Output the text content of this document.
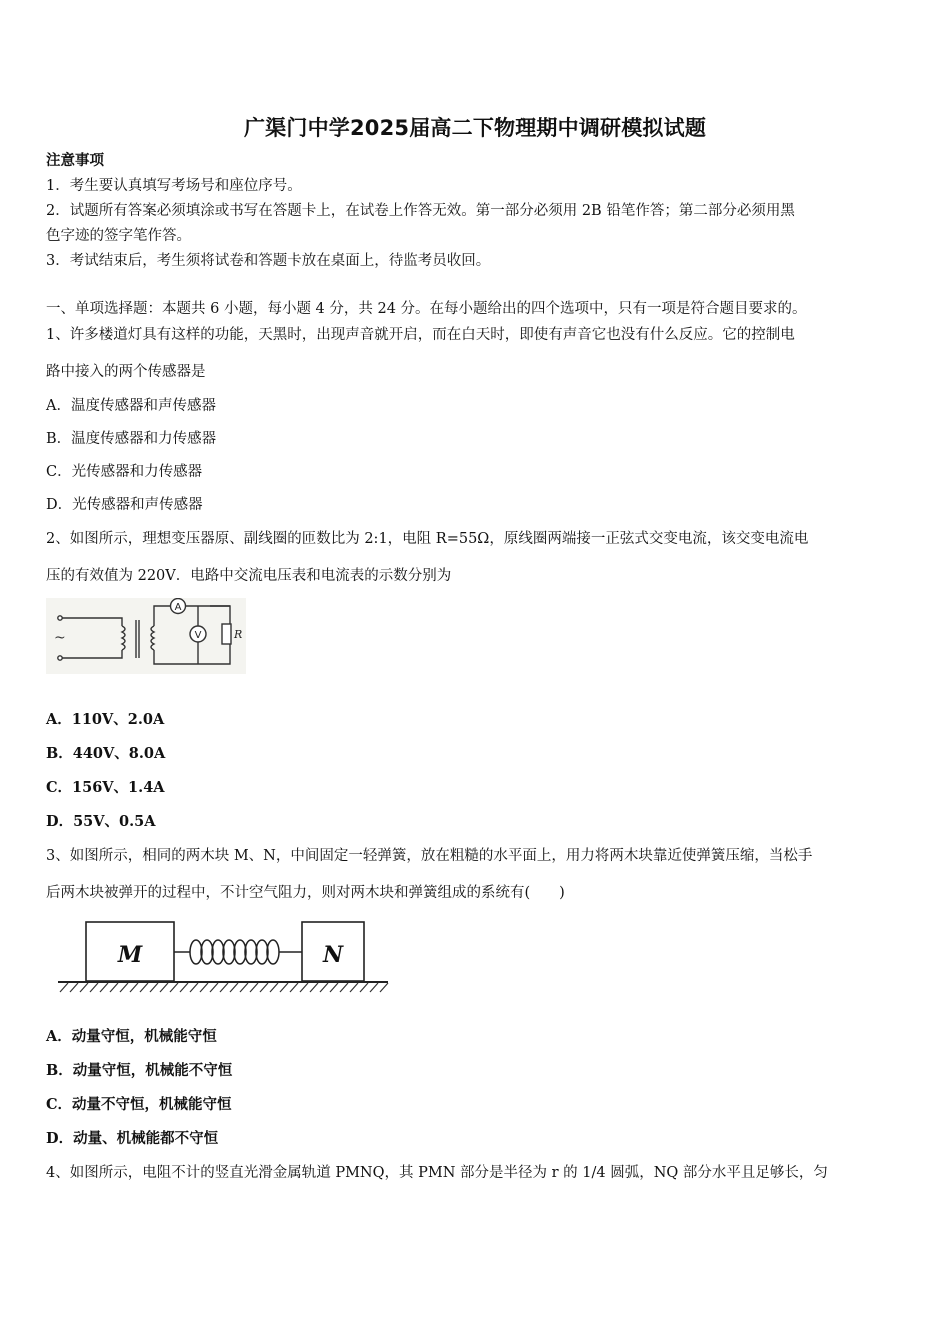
广渠门中学2025届高二下物理期中调研模拟试题
注意事项
1．考生要认真填写考场号和座位序号。
2．试题所有答案必须填涂或书写在答题卡上，在试卷上作答无效。第一部分必须用 2B 铅笔作答；第二部分必须用黑
色字迹的签字笔作答。
3．考试结束后，考生须将试卷和答题卡放在桌面上，待监考员收回。
一、单项选择题：本题共 6 小题，每小题 4 分，共 24 分。在每小题给出的四个选项中，只有一项是符合题目要求的。
1、许多楼道灯具有这样的功能，天黑时，出现声音就开启，而在白天时，即使有声音它也没有什么反应。它的控制电
路中接入的两个传感器是
A．温度传感器和声传感器
B．温度传感器和力传感器
C．光传感器和力传感器
D．光传感器和声传感器
2、如图所示，理想变压器原、副线圈的匝数比为 2:1，电阻 R=55Ω，原线圈两端接一正弦式交变电流，该交变电流电
压的有效值为 220V．电路中交流电压表和电流表的示数分别为
A
V
~	R
A．110V、2.0A
B．440V、8.0A
C．156V、1.4A
D．55V、0.5A
3、如图所示，相同的两木块 M、N，中间固定一轻弹簧，放在粗糙的水平面上，用力将两木块靠近使弹簧压缩，当松手
后两木块被弹开的过程中，不计空气阻力，则对两木块和弹簧组成的系统有(　　)
M	N
A．动量守恒，机械能守恒
B．动量守恒，机械能不守恒
C．动量不守恒，机械能守恒
D．动量、机械能都不守恒
4、如图所示，电阻不计的竖直光滑金属轨道 PMNQ，其 PMN 部分是半径为 r 的 1/4 圆弧，NQ 部分水平且足够长，匀
